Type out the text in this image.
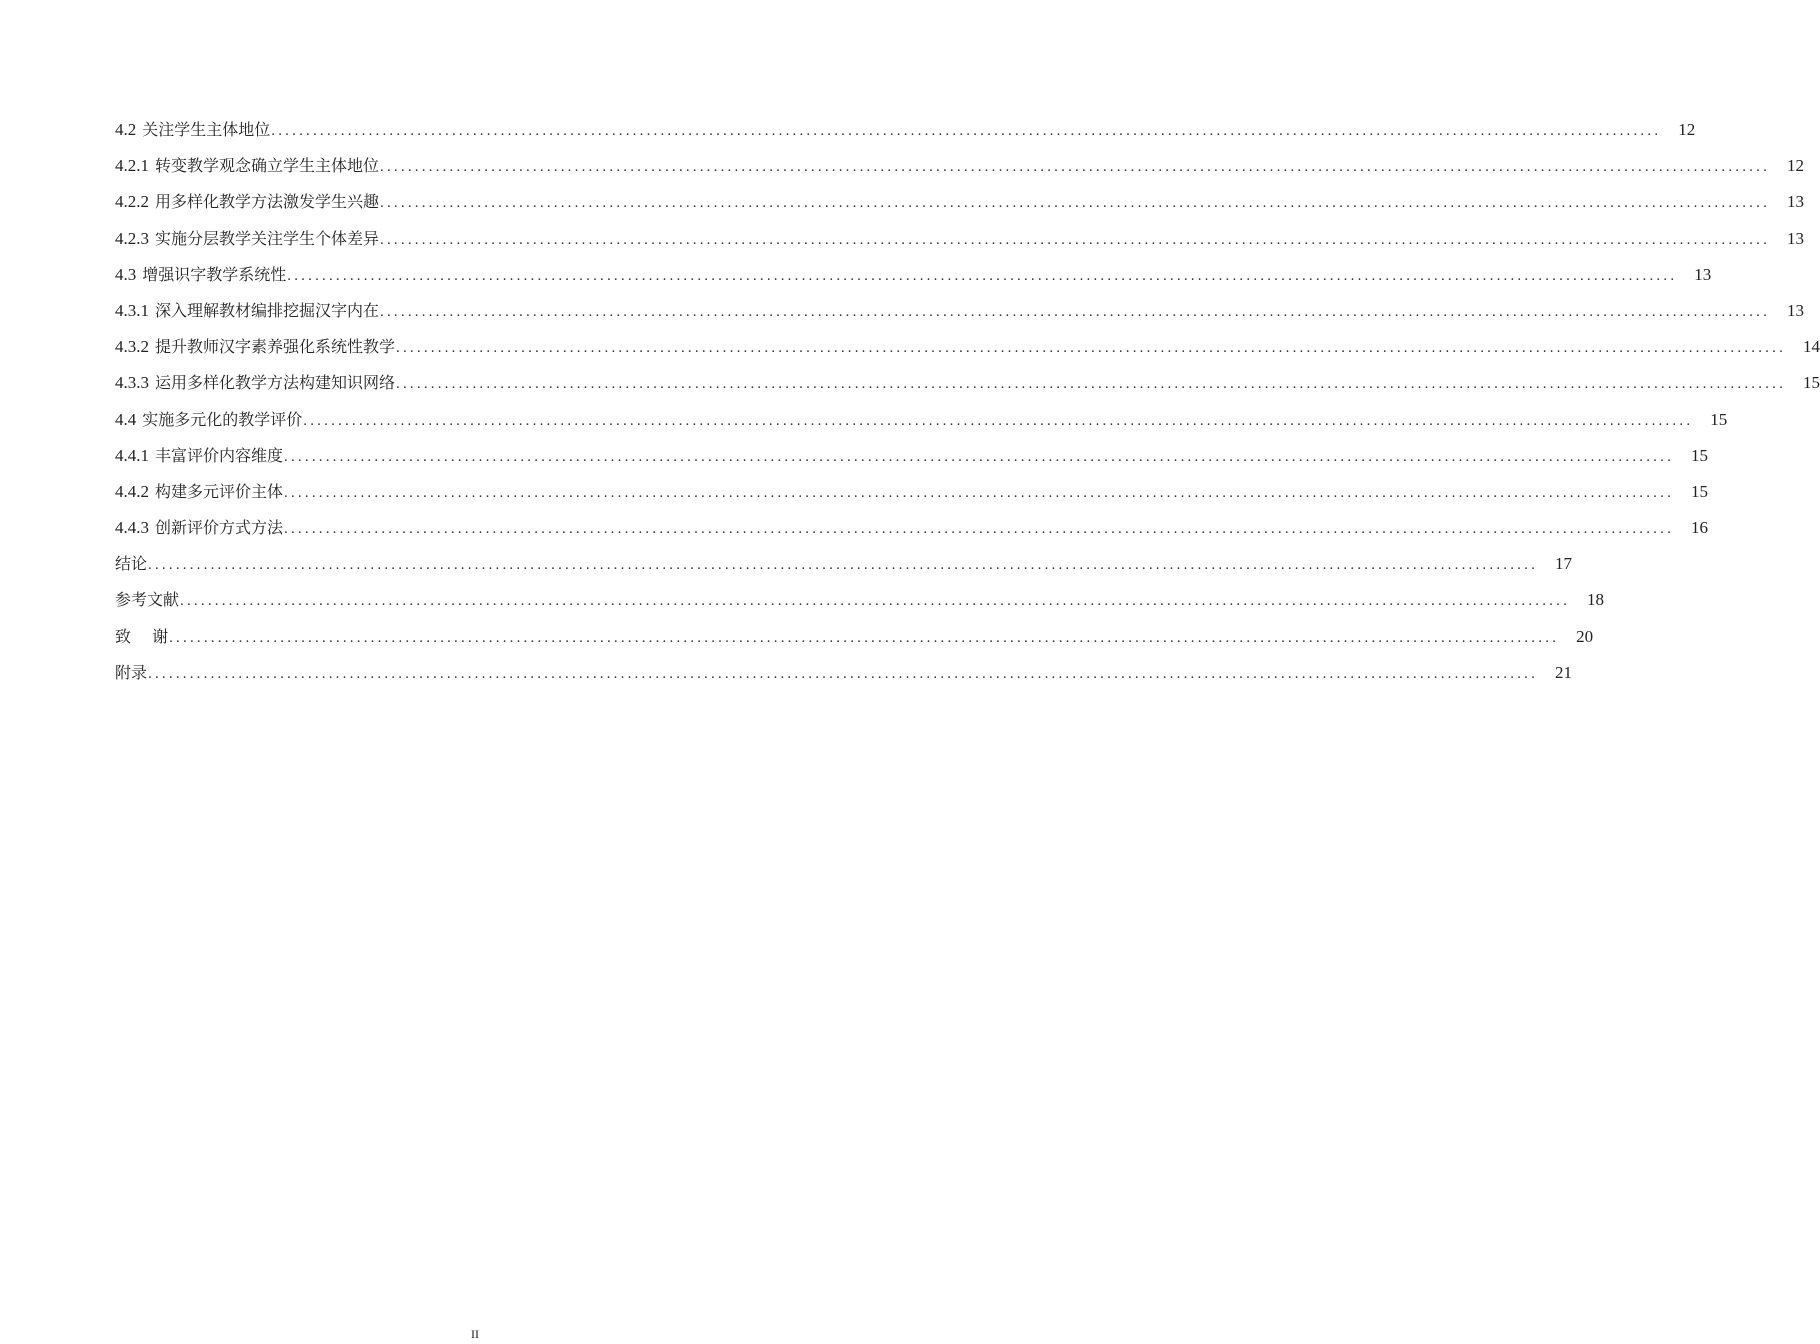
4.2 关注学生主体地位 ........................................................................................................................................................................................................	12
4.2.1 转变教学观念确立学生主体地位 ........................................................................................................................................................................................................	12
4.2.2 用多样化教学方法激发学生兴趣 ........................................................................................................................................................................................................	13
4.2.3 实施分层教学关注学生个体差异 ........................................................................................................................................................................................................	13
4.3 增强识字教学系统性 ........................................................................................................................................................................................................	13
4.3.1 深入理解教材编排挖掘汉字内在 ........................................................................................................................................................................................................	13
4.3.2 提升教师汉字素养强化系统性教学 ........................................................................................................................................................................................................	14
4.3.3 运用多样化教学方法构建知识网络 ........................................................................................................................................................................................................	15
4.4 实施多元化的教学评价 ........................................................................................................................................................................................................	15
4.4.1 丰富评价内容维度 ........................................................................................................................................................................................................	15
4.4.2 构建多元评价主体 ........................................................................................................................................................................................................	15
4.4.3 创新评价方式方法 ........................................................................................................................................................................................................	16
结论 ........................................................................................................................................................................................................	17
参考文献 ........................................................................................................................................................................................................	18
致  谢 ........................................................................................................................................................................................................	20
附录 ........................................................................................................................................................................................................	21
II
